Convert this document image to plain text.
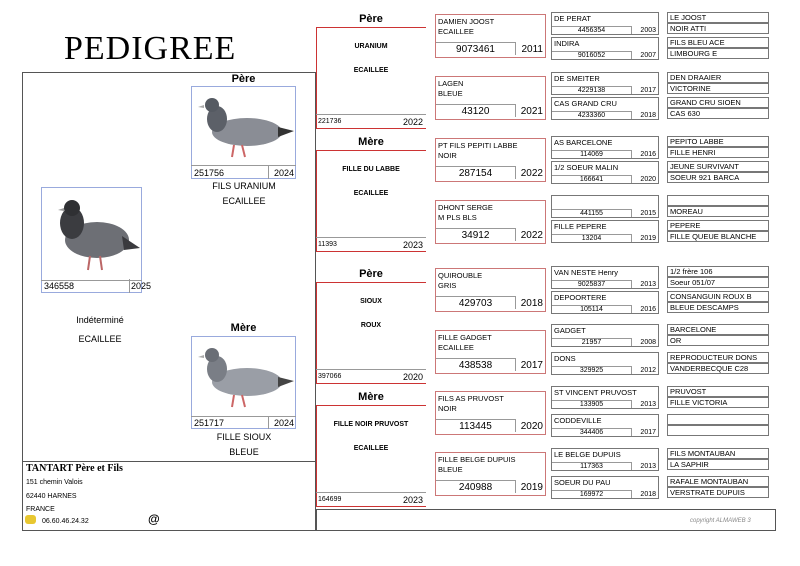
PEDIGREE
346558	2025
Indéterminé
ECAILLEE
Père
251756	2024
FILS URANIUM
ECAILLEE
Mère
251717	2024
FILLE SIOUX
BLEUE
TANTART Père et Fils
151 chemin Valois
62440 HARNES
FRANCE
06.60.46.24.32	@	copyright ALMAWEB 3
Père
URANIUM
ECAILLEE
221736	2022
Mère
FILLE DU LABBE
ECAILLEE
11393	2023
Père
SIOUX
ROUX
397066	2020
Mère
FILLE NOIR PRUVOST
ECAILLEE
164699	2023
DAMIEN JOOST
ECAILLEE
9073461	2011
LAGEN
BLEUE
43120	2021
PT FILS PEPITI LABBE
NOIR
287154	2022
DHONT SERGE
M PLS BLS
34912	2022
QUIROUBLE
GRIS
429703	2018
FILLE GADGET
ECAILLEE
438538	2017
FILS AS PRUVOST
NOIR
113445	2020
FILLE BELGE DUPUIS
BLEUE
240988	2019
DE PERAT
4456354	2003
INDIRA
9016052	2007
DE SMEITER
4229138	2017
CAS GRAND CRU
4233360	2018
AS BARCELONE
114069	2016
1/2 SOEUR MALIN
166641	2020
441155	2015
FILLE PEPERE
13204	2019
VAN NESTE Henry
9025837	2013
DEPOORTERE
105114	2016
GADGET
21957	2008
DONS
329925	2012
ST VINCENT PRUVOST
133905	2013
CODDEVILLE
344406	2017
LE BELGE DUPUIS
117363	2013
SOEUR DU PAU
169972	2018
LE JOOST
NOIR ATTI
FILS BLEU ACE
LIMBOURG E
DEN DRAAIER
VICTORINE
GRAND CRU SIOEN
CAS 630
PEPITO LABBE
FILLE HENRI
JEUNE SURVIVANT
SOEUR 921 BARCA
MOREAU
PEPERE
FILLE QUEUE BLANCHE
1/2 frère 106
Soeur 051/07
CONSANGUIN ROUX B
BLEUE DESCAMPS
BARCELONE
OR
REPRODUCTEUR DONS
VANDERBECQUE C28
PRUVOST
FILLE VICTORIA
FILS MONTAUBAN
LA SAPHIR
RAFALE MONTAUBAN
VERSTRATE DUPUIS
